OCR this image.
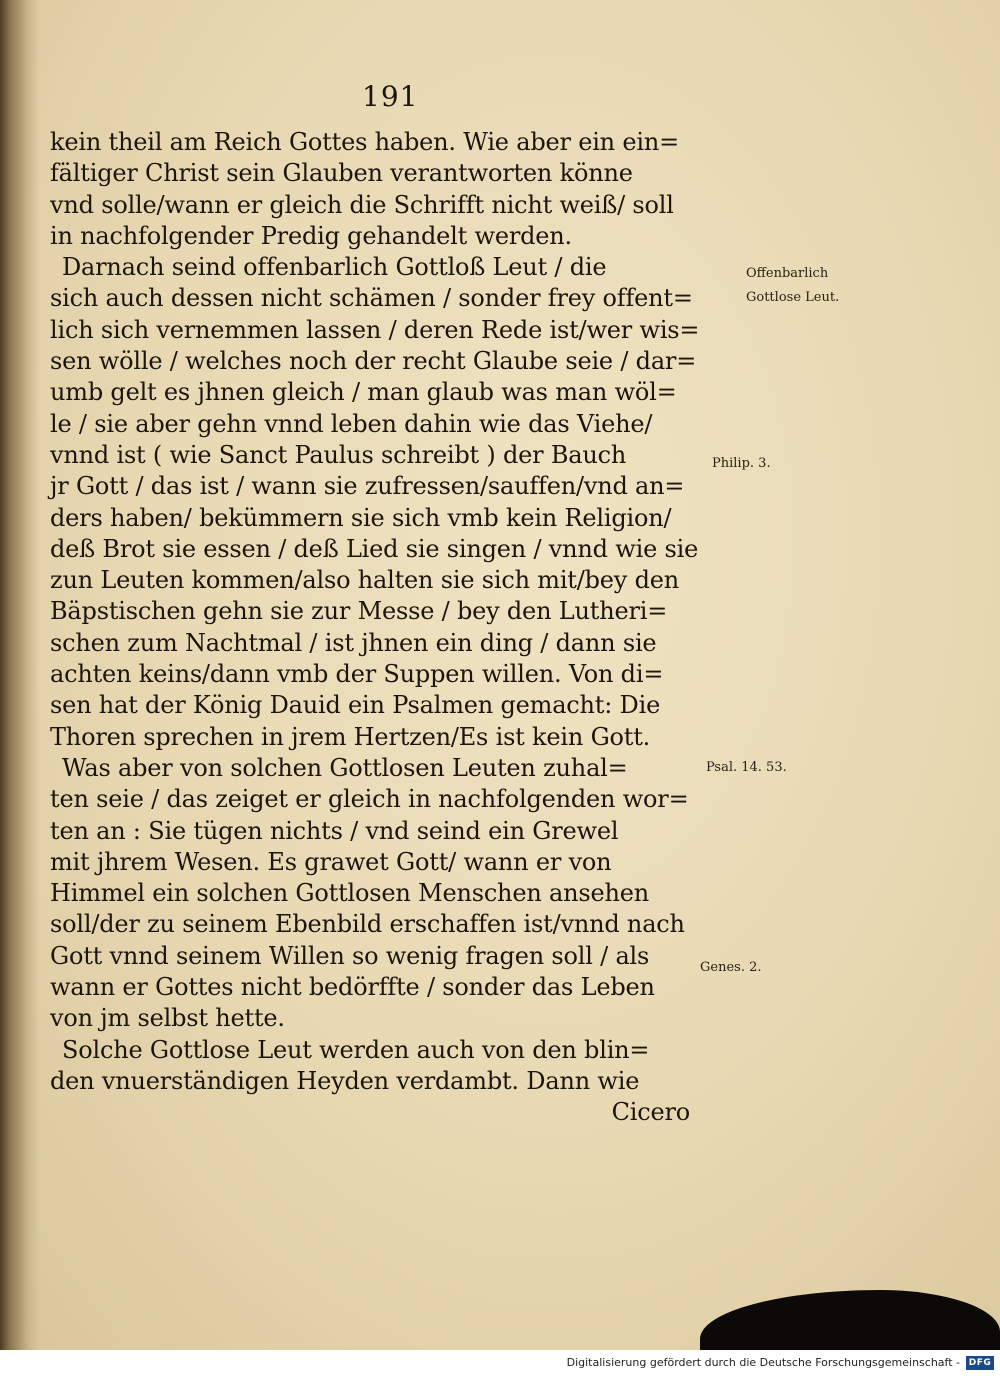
191
kein theil am Reich Gottes haben. Wie aber ein ein=
fältiger Christ sein Glauben verantworten könne
vnd solle/wann er gleich die Schrifft nicht weiß/ soll
in nachfolgender Predig gehandelt werden.
Darnach seind offenbarlich Gottloß Leut / die
sich auch dessen nicht schämen / sonder frey offent=
lich sich vernemmen lassen / deren Rede ist/wer wis=
sen wölle / welches noch der recht Glaube seie / dar=
umb gelt es jhnen gleich / man glaub was man wöl=
le / sie aber gehn vnnd leben dahin wie das Viehe/
vnnd ist ( wie Sanct Paulus schreibt ) der Bauch
jr Gott / das ist / wann sie zufressen/sauffen/vnd an=
ders haben/ bekümmern sie sich vmb kein Religion/
deß Brot sie essen / deß Lied sie singen / vnnd wie sie
zun Leuten kommen/also halten sie sich mit/bey den
Bäpstischen gehn sie zur Messe / bey den Lutheri=
schen zum Nachtmal / ist jhnen ein ding / dann sie
achten keins/dann vmb der Suppen willen. Von di=
sen hat der König Dauid ein Psalmen gemacht: Die
Thoren sprechen in jrem Hertzen/Es ist kein Gott.
Was aber von solchen Gottlosen Leuten zuhal=
ten seie / das zeiget er gleich in nachfolgenden wor=
ten an : Sie tügen nichts / vnd seind ein Grewel
mit jhrem Wesen. Es grawet Gott/ wann er von
Himmel ein solchen Gottlosen Menschen ansehen
soll/der zu seinem Ebenbild erschaffen ist/vnnd nach
Gott vnnd seinem Willen so wenig fragen soll / als
wann er Gottes nicht bedörffte / sonder das Leben
von jm selbst hette.
Solche Gottlose Leut werden auch von den blin=
den vnuerständigen Heyden verdambt. Dann wie
Cicero
Offenbarlich
Gottlose Leut.
Philip. 3.
Psal. 14. 53.
Genes. 2.
Digitalisierung gefördert durch die Deutsche Forschungsgemeinschaft - DFG
